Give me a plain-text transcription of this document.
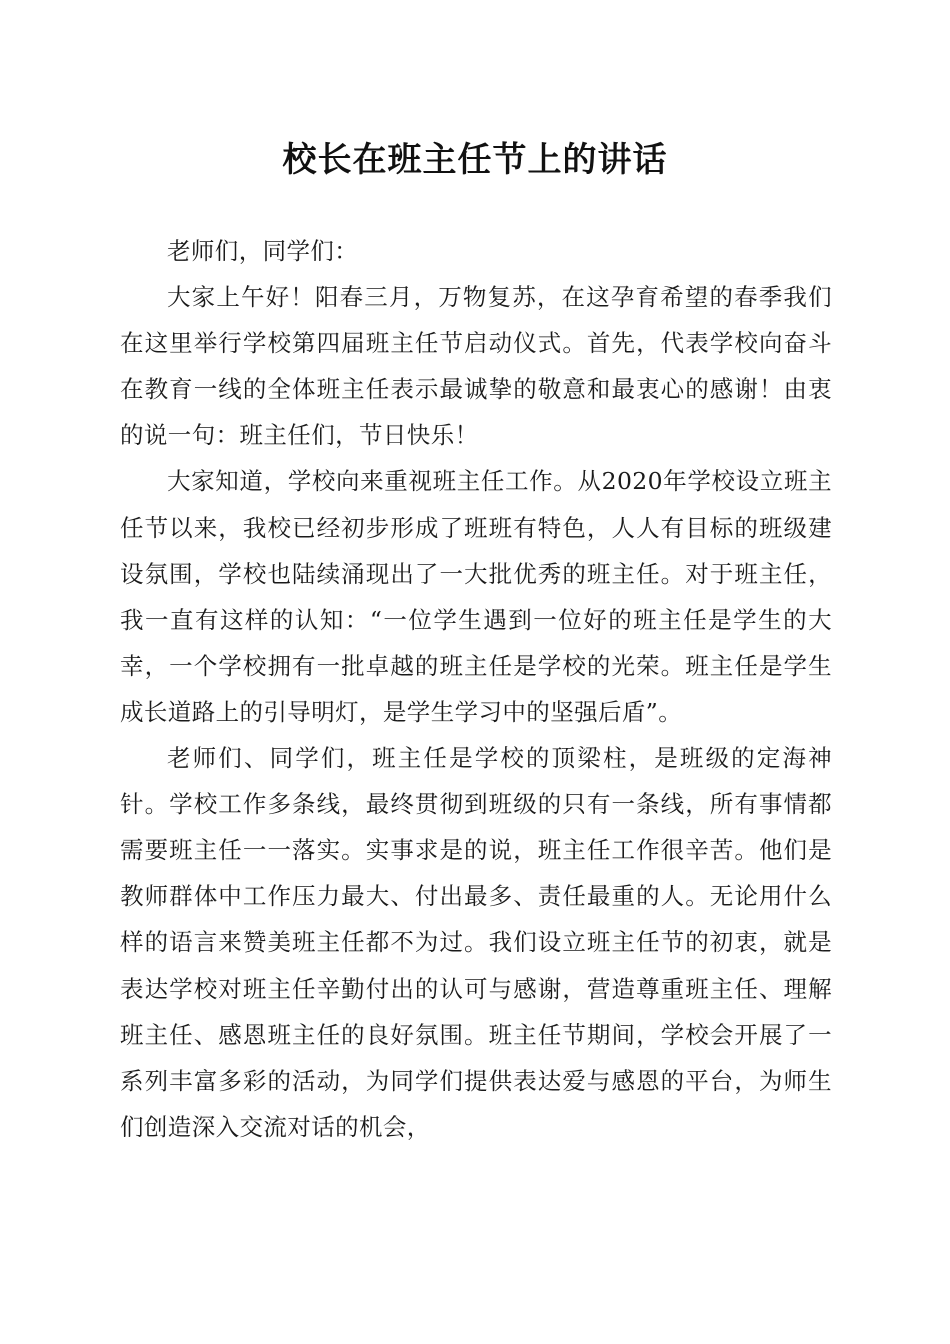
校长在班主任节上的讲话

老师们，同学们：

大家上午好！阳春三月，万物复苏，在这孕育希望的春季我们在这里举行学校第四届班主任节启动仪式。首先，代表学校向奋斗在教育一线的全体班主任表示最诚挚的敬意和最衷心的感谢！由衷的说一句：班主任们，节日快乐！

大家知道，学校向来重视班主任工作。从2020年学校设立班主任节以来，我校已经初步形成了班班有特色，人人有目标的班级建设氛围，学校也陆续涌现出了一大批优秀的班主任。对于班主任，我一直有这样的认知：“一位学生遇到一位好的班主任是学生的大幸，一个学校拥有一批卓越的班主任是学校的光荣。班主任是学生成长道路上的引导明灯，是学生学习中的坚强后盾”。

老师们、同学们，班主任是学校的顶梁柱，是班级的定海神针。学校工作多条线，最终贯彻到班级的只有一条线，所有事情都需要班主任一一落实。实事求是的说，班主任工作很辛苦。他们是教师群体中工作压力最大、付出最多、责任最重的人。无论用什么样的语言来赞美班主任都不为过。我们设立班主任节的初衷，就是表达学校对班主任辛勤付出的认可与感谢，营造尊重班主任、理解班主任、感恩班主任的良好氛围。班主任节期间，学校会开展了一系列丰富多彩的活动，为同学们提供表达爱与感恩的平台，为师生们创造深入交流对话的机会，
